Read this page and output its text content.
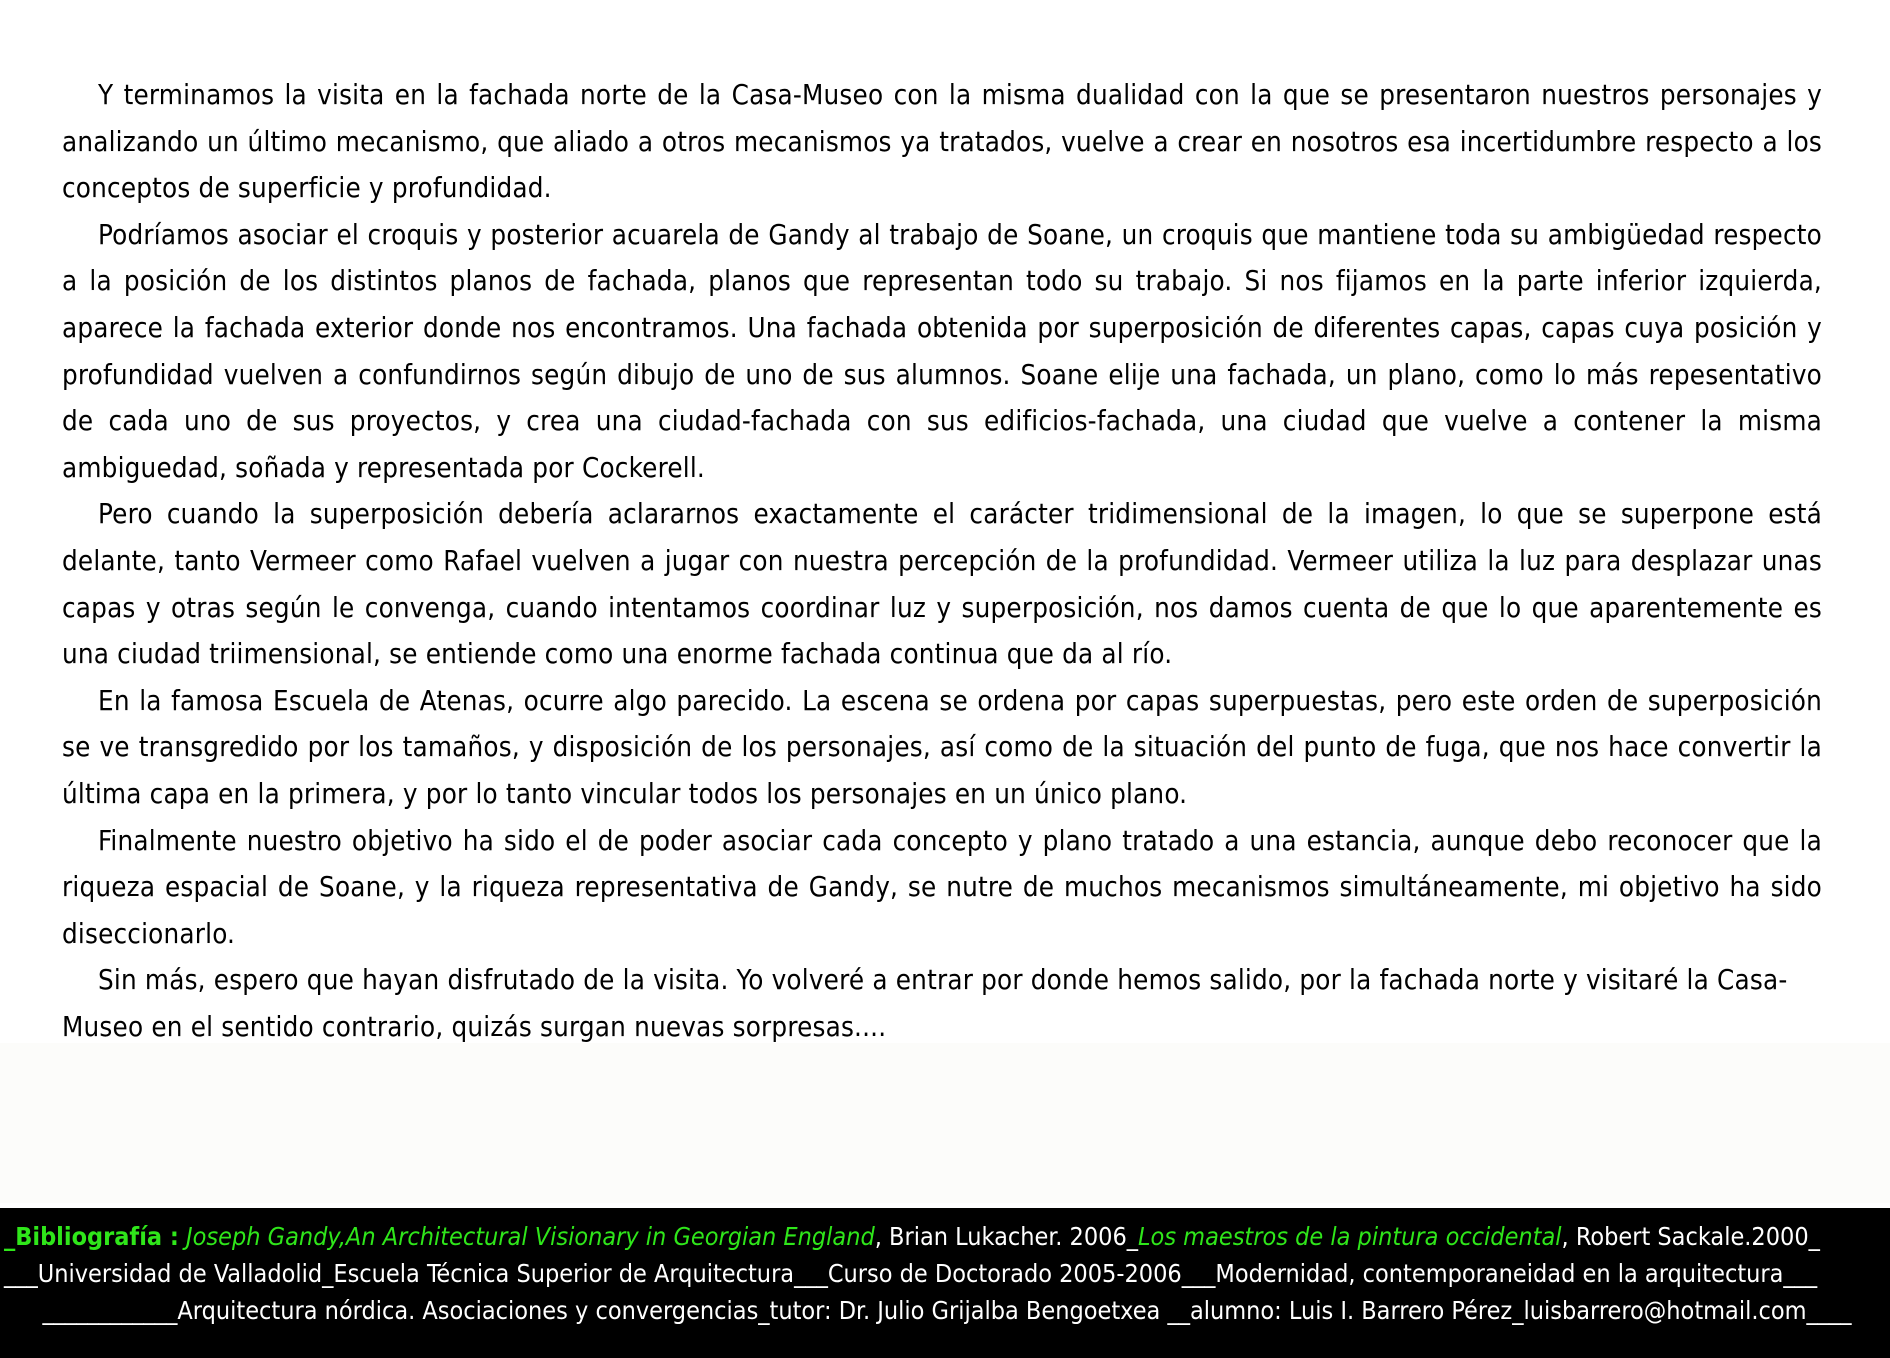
Y terminamos la visita en la fachada norte de la Casa-Museo con la misma dualidad con la que se presentaron nuestros personajes y analizando un último mecanismo, que aliado a otros mecanismos ya tratados, vuelve a crear en nosotros esa incertidumbre respecto a los conceptos de superficie y profundidad.

Podríamos asociar el croquis y posterior acuarela de Gandy al trabajo de Soane, un croquis que mantiene toda su ambigüedad respecto a la posición de los distintos planos de fachada, planos que representan todo su trabajo. Si nos fijamos en la parte inferior izquierda, aparece la fachada exterior donde nos encontramos. Una fachada obtenida por superposición de diferentes capas, capas cuya posición y profundidad vuelven a confundirnos según dibujo de uno de sus alumnos. Soane elije una fachada, un plano, como lo más repesentativo de cada uno de sus proyectos, y crea una ciudad-fachada con sus edificios-fachada, una ciudad que vuelve a contener la misma ambiguedad, soñada y representada por Cockerell.

Pero cuando la superposición debería aclararnos exactamente el carácter tridimensional de la imagen, lo que se superpone está delante, tanto Vermeer como Rafael vuelven a jugar con nuestra percepción de la profundidad. Vermeer utiliza la luz para desplazar unas capas y otras según le convenga, cuando intentamos coordinar luz y superposición, nos damos cuenta de que lo que aparentemente es una ciudad triimensional, se entiende como una enorme fachada continua que da al río.

En la famosa Escuela de Atenas, ocurre algo parecido. La escena se ordena por capas superpuestas, pero este orden de superposición se ve transgredido por los tamaños, y disposición de los personajes, así como de la situación del punto de fuga, que nos hace convertir la última capa en la primera, y por lo tanto vincular todos los personajes en un único plano.

Finalmente nuestro objetivo ha sido el de poder asociar cada concepto y plano tratado a una estancia, aunque debo reconocer que la riqueza espacial de Soane, y la riqueza representativa de Gandy, se nutre de muchos mecanismos simultáneamente, mi objetivo ha sido diseccionarlo.

Sin más, espero que hayan disfrutado de la visita. Yo volveré a entrar por donde hemos salido, por la fachada norte y visitaré la Casa-Museo en el sentido contrario, quizás surgan nuevas sorpresas....

_Bibliografía : Joseph Gandy,An Architectural Visionary in Georgian England, Brian Lukacher. 2006_Los maestros de la pintura occidental, Robert Sackale.2000_
___Universidad de Valladolid_Escuela Técnica Superior de Arquitectura___Curso de Doctorado 2005-2006___Modernidad, contemporaneidad en la arquitectura___
____________Arquitectura nórdica. Asociaciones y convergencias_tutor: Dr. Julio Grijalba Bengoetxea __alumno: Luis I. Barrero Pérez_luisbarrero@hotmail.com____
